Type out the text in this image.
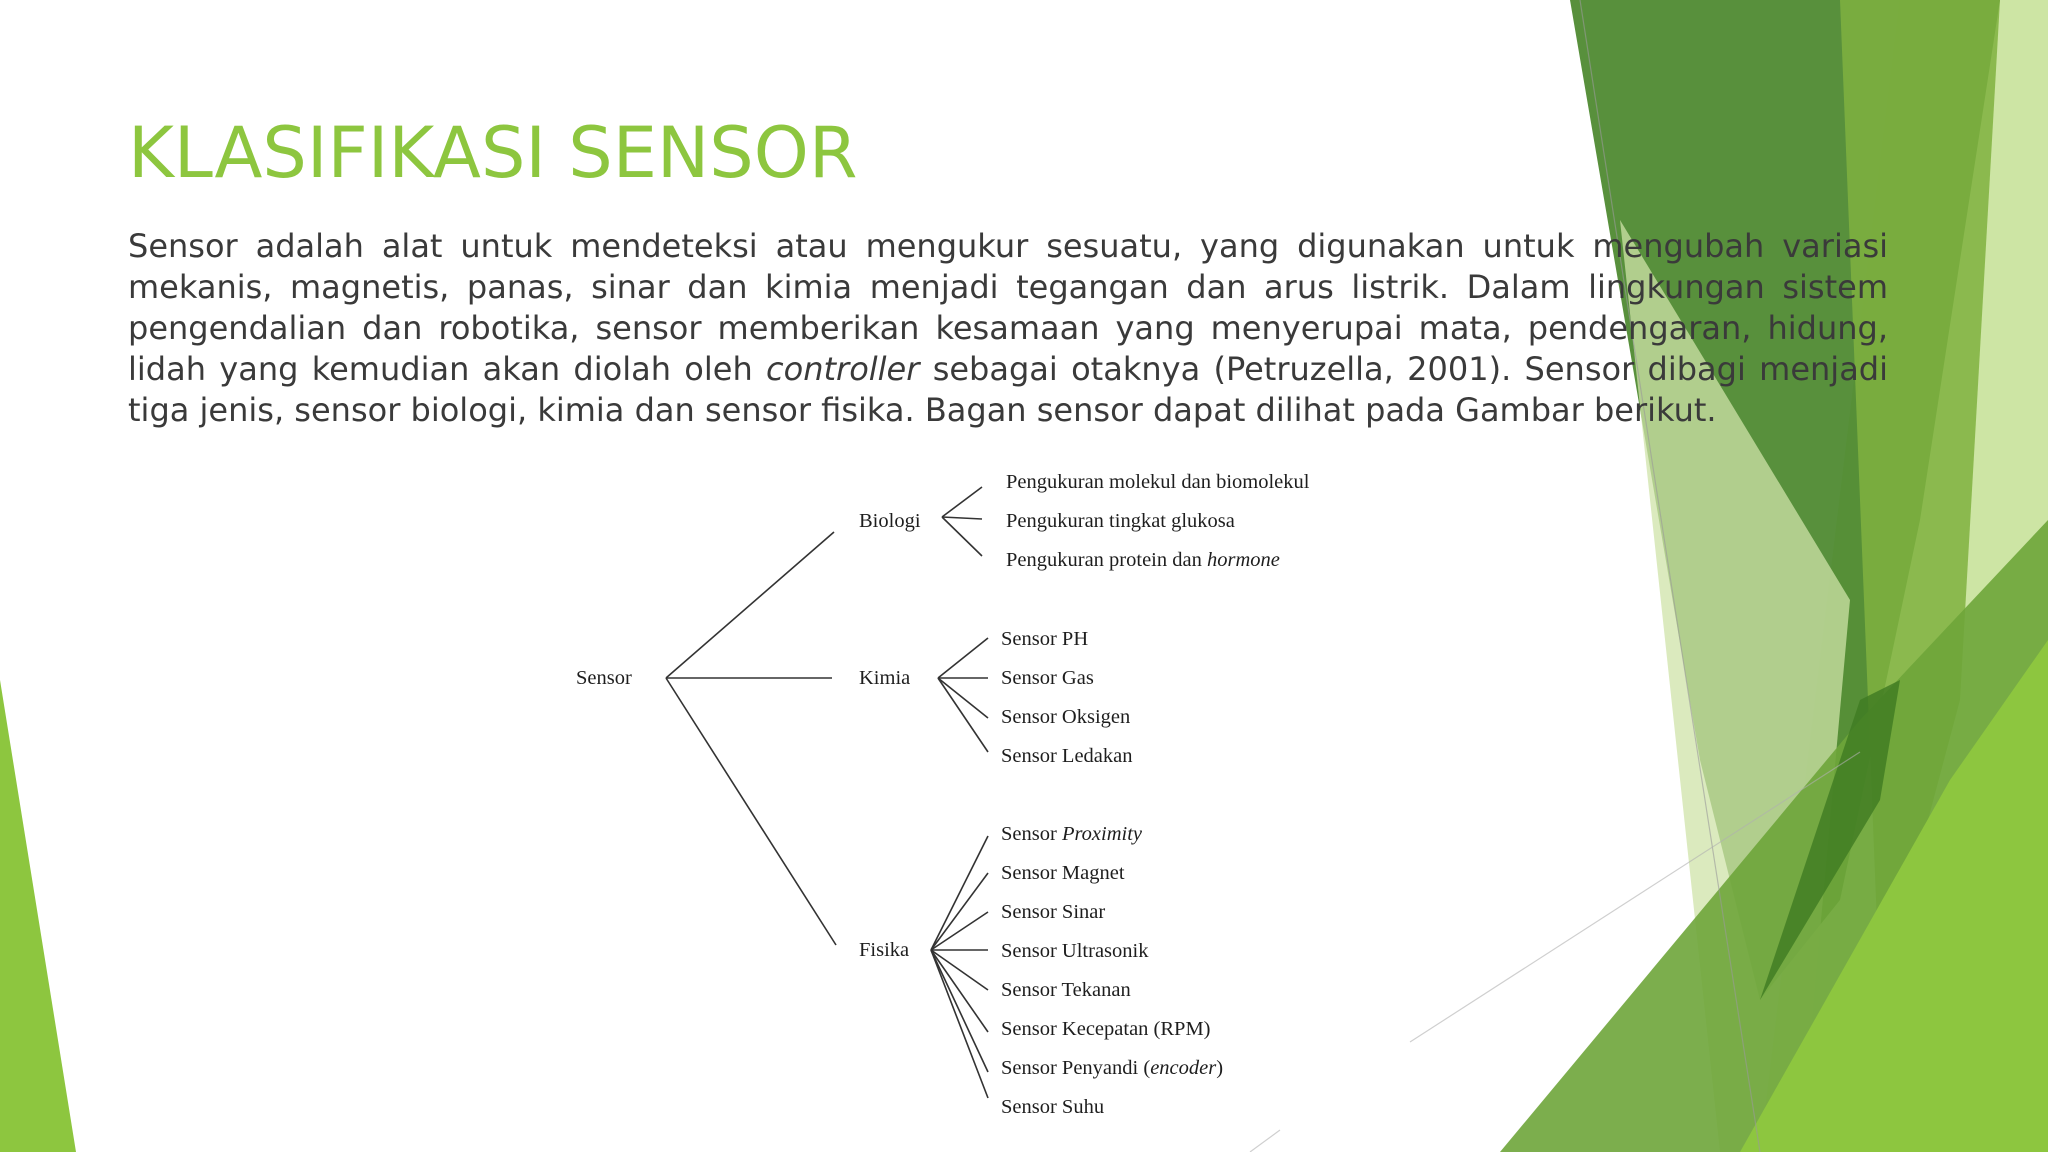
KLASIFIKASI SENSOR

Sensor adalah alat untuk mendeteksi atau mengukur sesuatu, yang digunakan untuk mengubah variasi mekanis, magnetis, panas, sinar dan kimia menjadi tegangan dan arus listrik. Dalam lingkungan sistem pengendalian dan robotika, sensor memberikan kesamaan yang menyerupai mata, pendengaran, hidung, lidah yang kemudian akan diolah oleh controller sebagai otaknya (Petruzella, 2001). Sensor dibagi menjadi tiga jenis, sensor biologi, kimia dan sensor fisika. Bagan sensor dapat dilihat pada Gambar berikut.

Sensor
Biologi
Pengukuran molekul dan biomolekul
Pengukuran tingkat glukosa
Pengukuran protein dan hormone
Kimia
Sensor PH
Sensor Gas
Sensor Oksigen
Sensor Ledakan
Fisika
Sensor Proximity
Sensor Magnet
Sensor Sinar
Sensor Ultrasonik
Sensor Tekanan
Sensor Kecepatan (RPM)
Sensor Penyandi (encoder)
Sensor Suhu
